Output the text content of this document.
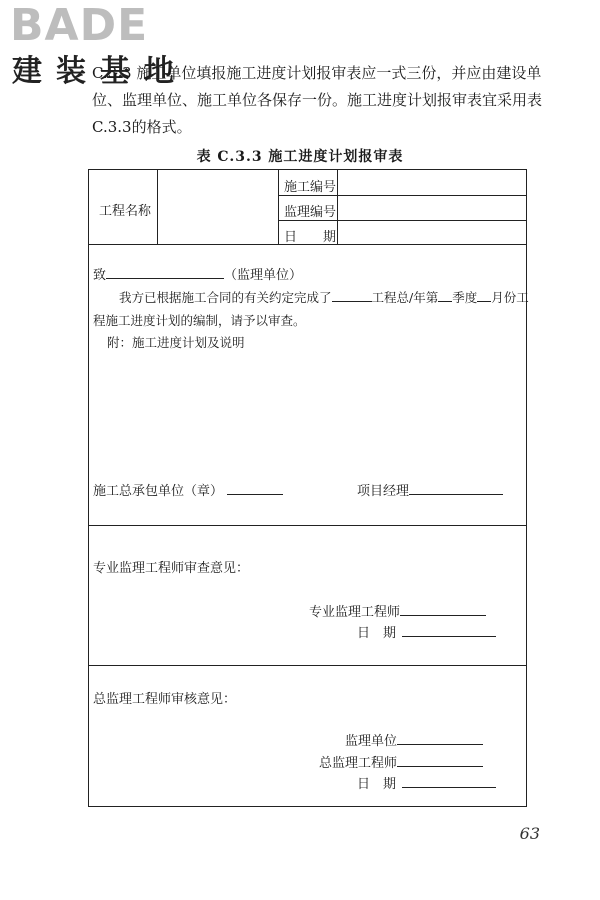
BADE
建装基地
C.3.3 施工单位填报施工进度计划报审表应一式三份，并应由建设单位、监理单位、施工单位各保存一份。施工进度计划报审表宜采用表C.3.3的格式。
表 C.3.3 施工进度计划报审表
工程名称
施工编号
监理编号
日　　期
致	（监理单位）
我方已根据施工合同的有关约定完成了	工程总/年第 季度 月份工
程施工进度计划的编制，请予以审查。
附：施工进度计划及说明
施工总承包单位（章）	项目经理
专业监理工程师审查意见：
专业监理工程师
日　期
总监理工程师审核意见：
监理单位
总监理工程师
日　期
63
